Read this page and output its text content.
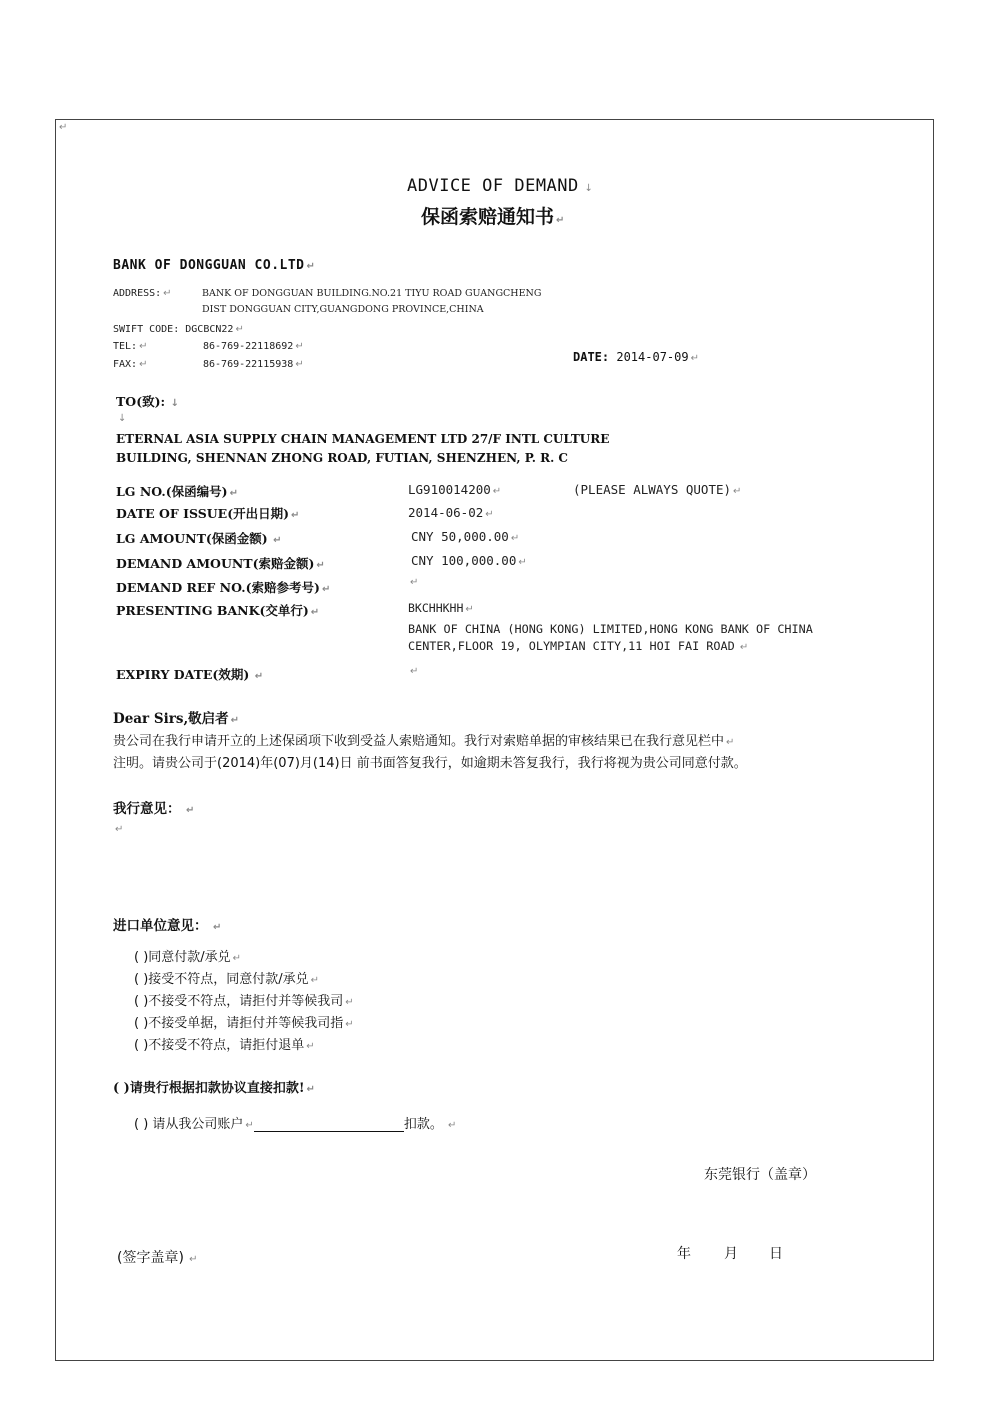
↵
ADVICE OF DEMAND ↓
保函索赔通知书 ↵
BANK OF DONGGUAN CO.LTD ↵
ADDRESS: ↵	BANK OF DONGGUAN BUILDING.NO.21 TIYU ROAD GUANGCHENG
DIST DONGGUAN CITY,GUANGDONG PROVINCE,CHINA
SWIFT CODE: DGCBCN22 ↵
TEL: ↵	86-769-22118692 ↵
FAX: ↵	86-769-22115938 ↵
DATE: 2014-07-09 ↵
TO(致): ↓
↓
ETERNAL ASIA SUPPLY CHAIN MANAGEMENT LTD 27/F INTL CULTURE
BUILDING, SHENNAN ZHONG ROAD, FUTIAN, SHENZHEN, P. R. C
LG NO.(保函编号) ↵	LG910014200 ↵	(PLEASE ALWAYS QUOTE) ↵
DATE OF ISSUE(开出日期) ↵	2014-06-02 ↵
LG AMOUNT(保函金额) ↵	CNY 50,000.00 ↵
DEMAND AMOUNT(索赔金额) ↵	CNY 100,000.00 ↵
DEMAND REF NO.(索赔参考号) ↵
↵
PRESENTING BANK(交单行) ↵	BKCHHKHH ↵
BANK OF CHINA (HONG KONG) LIMITED,HONG KONG BANK OF CHINA
CENTER,FLOOR 19, OLYMPIAN CITY,11 HOI FAI ROAD ↵
EXPIRY DATE(效期) ↵	↵
Dear Sirs,敬启者 ↵
贵公司在我行申请开立的上述保函项下收到受益人索赔通知。我行对索赔单据的审核结果已在我行意见栏中 ↵
注明。请贵公司于(2014)年(07)月(14)日 前书面答复我行，如逾期未答复我行，我行将视为贵公司同意付款。
我行意见： ↵
↵
进口单位意见： ↵
( )同意付款/承兑 ↵
( )接受不符点，同意付款/承兑 ↵
( )不接受不符点，请拒付并等候我司 ↵
( )不接受单据，请拒付并等候我司指 ↵
( )不接受不符点，请拒付退单 ↵
( )请贵行根据扣款协议直接扣款! ↵
( ) 请从我公司账户 ↵	扣款。 ↵
东莞银行（盖章）
(签字盖章) ↵	年 月 日
